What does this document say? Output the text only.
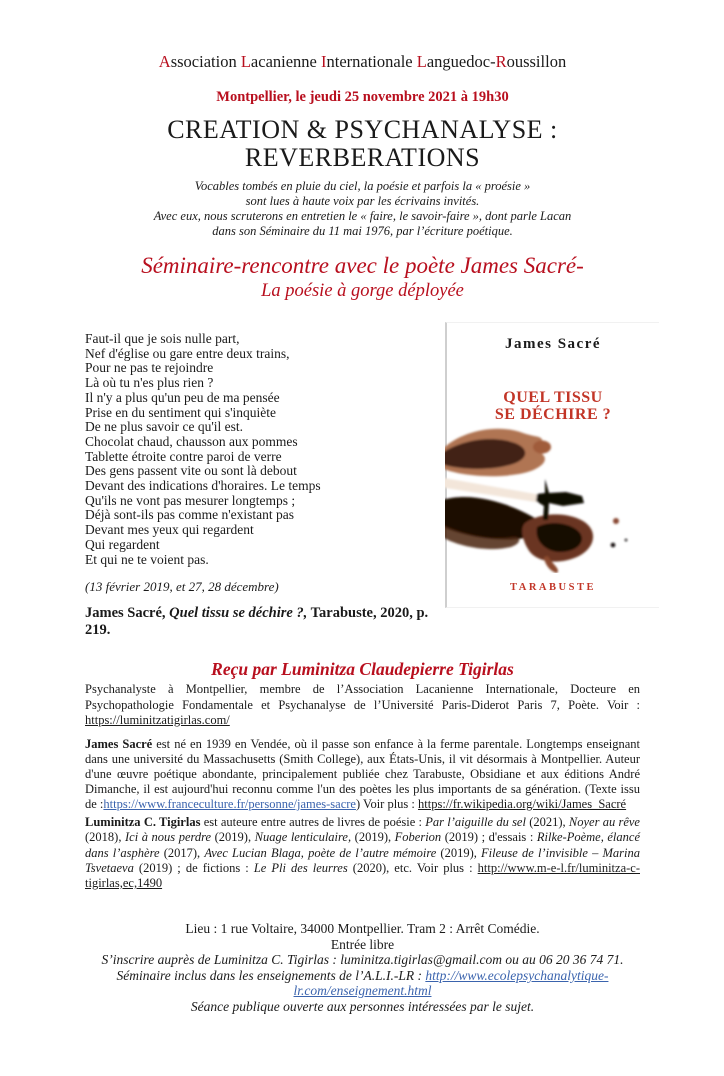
Association Lacanienne Internationale Languedoc-Roussillon
Montpellier, le jeudi 25 novembre 2021 à 19h30
CREATION & PSYCHANALYSE :
REVERBERATIONS
Vocables tombés en pluie du ciel, la poésie et parfois la « proésie »
sont lues à haute voix par les écrivains invités.
Avec eux, nous scruterons en entretien le « faire, le savoir-faire », dont parle Lacan
dans son Séminaire du 11 mai 1976, par l’écriture poétique.
Séminaire-rencontre avec le poète James Sacré-
La poésie à gorge déployée
Faut-il que je sois nulle part,
Nef d'église ou gare entre deux trains,
Pour ne pas te rejoindre
Là où tu n'es plus rien ?
Il n'y a plus qu'un peu de ma pensée
Prise en du sentiment qui s'inquiète
De ne plus savoir ce qu'il est.
Chocolat chaud, chausson aux pommes
Tablette étroite contre paroi de verre
Des gens passent vite ou sont là debout
Devant des indications d'horaires. Le temps
Qu'ils ne vont pas mesurer longtemps ;
Déjà sont-ils pas comme n'existant pas
Devant mes yeux qui regardent
Qui regardent
Et qui ne te voient pas.
(13 février 2019, et 27, 28 décembre)
James Sacré, Quel tissu se déchire ?, Tarabuste, 2020, p. 219.
James Sacré
QUEL TISSU
SE DÉCHIRE ?
TARABUSTE
Reçu par Luminitza Claudepierre Tigirlas
Psychanalyste à Montpellier, membre de l’Association Lacanienne Internationale, Docteure en Psychopathologie Fondamentale et Psychanalyse de l’Université Paris-Diderot Paris 7, Poète. Voir : https://luminitzatigirlas.com/
James Sacré est né en 1939 en Vendée, où il passe son enfance à la ferme parentale. Longtemps enseignant dans une université du Massachusetts (Smith College), aux États-Unis, il vit désormais à Montpellier. Auteur d'une œuvre poétique abondante, principalement publiée chez Tarabuste, Obsidiane et aux éditions André Dimanche, il est aujourd'hui reconnu comme l'un des poètes les plus importants de sa génération. (Texte issu de :https://www.franceculture.fr/personne/james-sacre) Voir plus : https://fr.wikipedia.org/wiki/James_Sacré
Luminitza C. Tigirlas est auteure entre autres de livres de poésie : Par l’aiguille du sel (2021), Noyer au rêve (2018), Ici à nous perdre (2019), Nuage lenticulaire, (2019), Foberion (2019) ; d'essais : Rilke-Poème, élancé dans l’asphère (2017), Avec Lucian Blaga, poète de l’autre mémoire (2019), Fileuse de l’invisible – Marina Tsvetaeva (2019) ; de fictions : Le Pli des leurres (2020), etc. Voir plus : http://www.m-e-l.fr/luminitza-c-tigirlas,ec,1490
Lieu : 1 rue Voltaire, 34000 Montpellier. Tram 2 : Arrêt Comédie.
Entrée libre
S’inscrire auprès de Luminitza C. Tigirlas : luminitza.tigirlas@gmail.com ou au 06 20 36 74 71.
Séminaire inclus dans les enseignements de l’A.L.I.-LR : http://www.ecolepsychanalytique-lr.com/enseignement.html
Séance publique ouverte aux personnes intéressées par le sujet.
